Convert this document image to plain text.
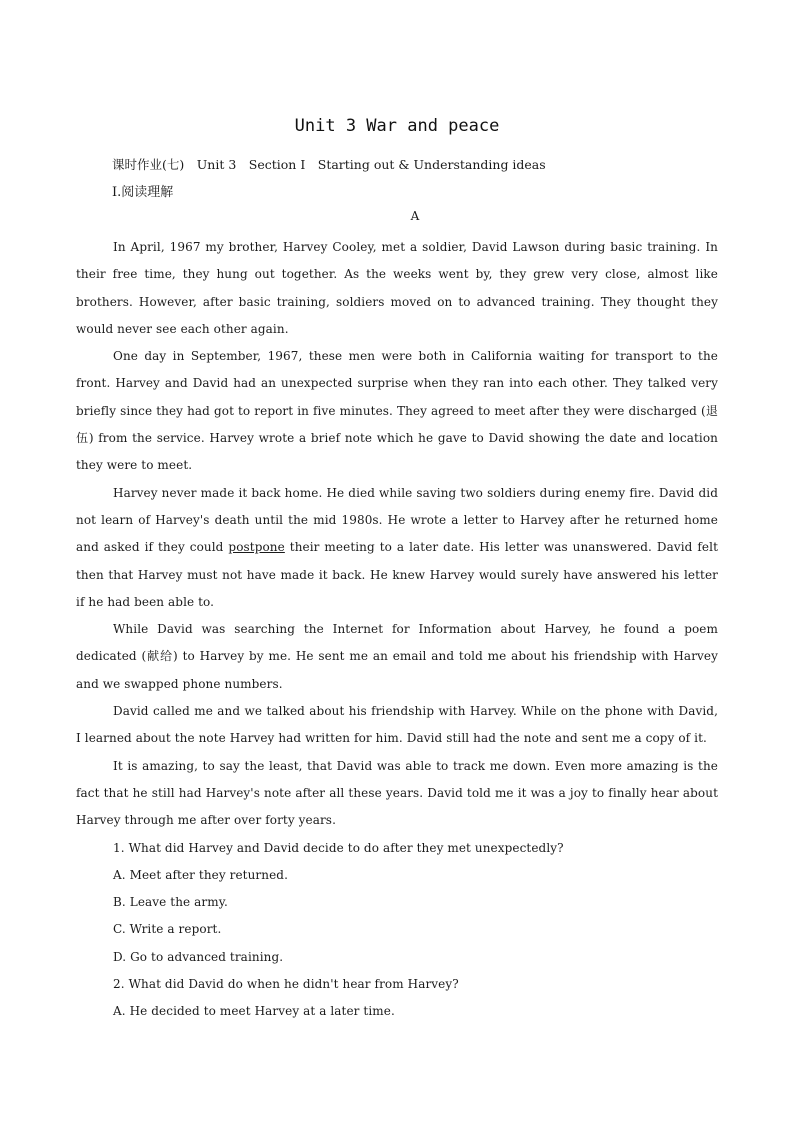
Unit 3 War and peace
课时作业(七)　Unit 3　Section Ⅰ　Starting out & Understanding ideas
Ⅰ.阅读理解
A

In April, 1967 my brother, Harvey Cooley, met a soldier, David Lawson during basic training. In their free time, they hung out together. As the weeks went by, they grew very close, almost like brothers. However, after basic training, soldiers moved on to advanced training. They thought they would never see each other again.

One day in September, 1967, these men were both in California waiting for transport to the front. Harvey and David had an unexpected surprise when they ran into each other. They talked very briefly since they had got to report in five minutes. They agreed to meet after they were discharged (退伍) from the service. Harvey wrote a brief note which he gave to David showing the date and location they were to meet.

Harvey never made it back home. He died while saving two soldiers during enemy fire. David did not learn of Harvey's death until the mid 1980s. He wrote a letter to Harvey after he returned home and asked if they could postpone their meeting to a later date. His letter was unanswered. David felt then that Harvey must not have made it back. He knew Harvey would surely have answered his letter if he had been able to.

While David was searching the Internet for Information about Harvey, he found a poem dedicated (献给) to Harvey by me. He sent me an email and told me about his friendship with Harvey and we swapped phone numbers.

David called me and we talked about his friendship with Harvey. While on the phone with David, I learned about the note Harvey had written for him. David still had the note and sent me a copy of it.

It is amazing, to say the least, that David was able to track me down. Even more amazing is the fact that he still had Harvey's note after all these years. David told me it was a joy to finally hear about Harvey through me after over forty years.

1. What did Harvey and David decide to do after they met unexpectedly?
A. Meet after they returned.
B. Leave the army.
C. Write a report.
D. Go to advanced training.
2. What did David do when he didn't hear from Harvey?
A. He decided to meet Harvey at a later time.
